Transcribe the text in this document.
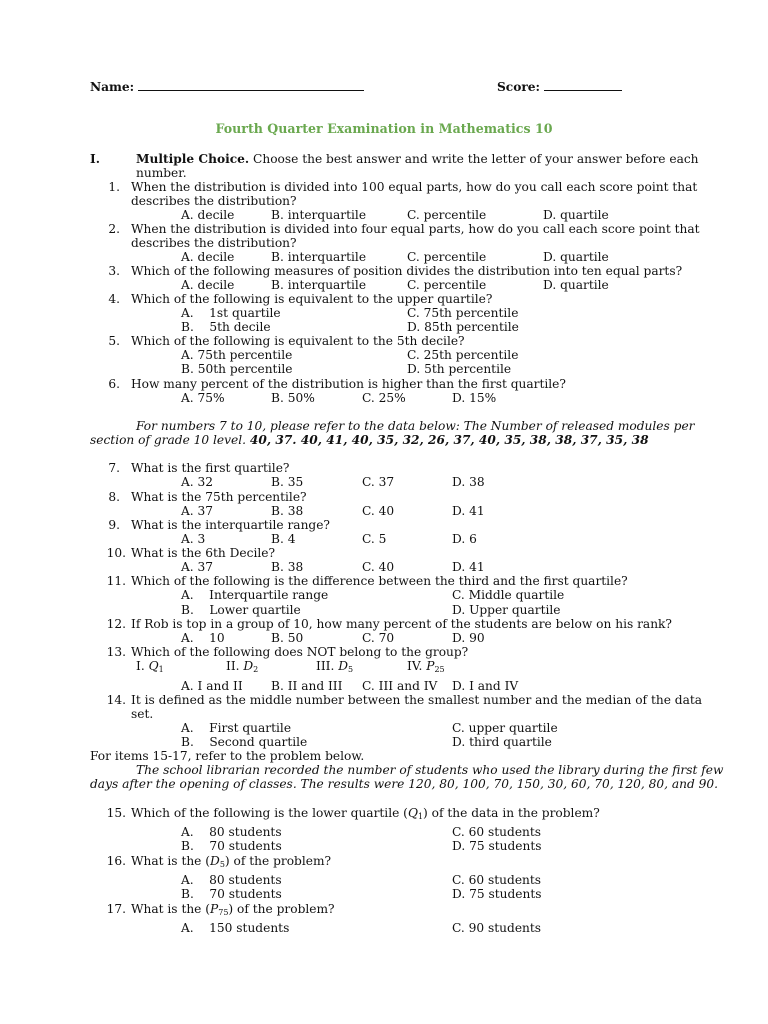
Name:	Score:
Fourth Quarter Examination in Mathematics 10
I.	Multiple Choice. Choose the best answer and write the letter of your answer before each
number.
1. When the distribution is divided into 100 equal parts, how do you call each score point that
describes the distribution?
A. decile	B. interquartile	C. percentile	D. quartile
2. When the distribution is divided into four equal parts, how do you call each score point that
describes the distribution?
A. decile	B. interquartile	C. percentile	D. quartile
3. Which of the following measures of position divides the distribution into ten equal parts?
A. decile	B. interquartile	C. percentile	D. quartile
4. Which of the following is equivalent to the upper quartile?
A.    1st quartile	C. 75th percentile
B.    5th decile	D. 85th percentile
5. Which of the following is equivalent to the 5th decile?
A. 75th percentile	C. 25th percentile
B. 50th percentile	D. 5th percentile
6. How many percent of the distribution is higher than the first quartile?
A. 75%	B. 50%	C. 25%	D. 15%
For numbers 7 to 10, please refer to the data below: The Number of released modules per
section of grade 10 level. 40, 37. 40, 41, 40, 35, 32, 26, 37, 40, 35, 38, 38, 37, 35, 38
7. What is the first quartile?
A. 32	B. 35	C. 37	D. 38
8. What is the 75th percentile?
A. 37	B. 38	C. 40	D. 41
9. What is the interquartile range?
A. 3	B. 4	C. 5	D. 6
10. What is the 6th Decile?
A. 37	B. 38	C. 40	D. 41
11. Which of the following is the difference between the third and the first quartile?
A.    Interquartile range	C. Middle quartile
B.    Lower quartile	D. Upper quartile
12. If Rob is top in a group of 10, how many percent of the students are below on his rank?
A.    10	B. 50	C. 70	D. 90
13. Which of the following does NOT belong to the group?
I. $Q_1$	II. $D_2$	III. $D_5$	IV. $P_{25}$
A. I and II B. II and III C. III and IV D. I and IV
14. It is defined as the middle number between the smallest number and the median of the data
set.
A.    First quartile	C. upper quartile
B.    Second quartile	D. third quartile
For items 15-17, refer to the problem below.
The school librarian recorded the number of students who used the library during the first few
days after the opening of classes. The results were 120, 80, 100, 70, 150, 30, 60, 70, 120, 80, and 90.
15. Which of the following is the lower quartile $(Q_1)$ of the data in the problem?
A.    80 students	C. 60 students
B.    70 students	D. 75 students
16. What is the $(D_5)$ of the problem?
A.    80 students	C. 60 students
B.    70 students	D. 75 students
17. What is the $(P_{75})$ of the problem?
A.    150 students	C. 90 students
